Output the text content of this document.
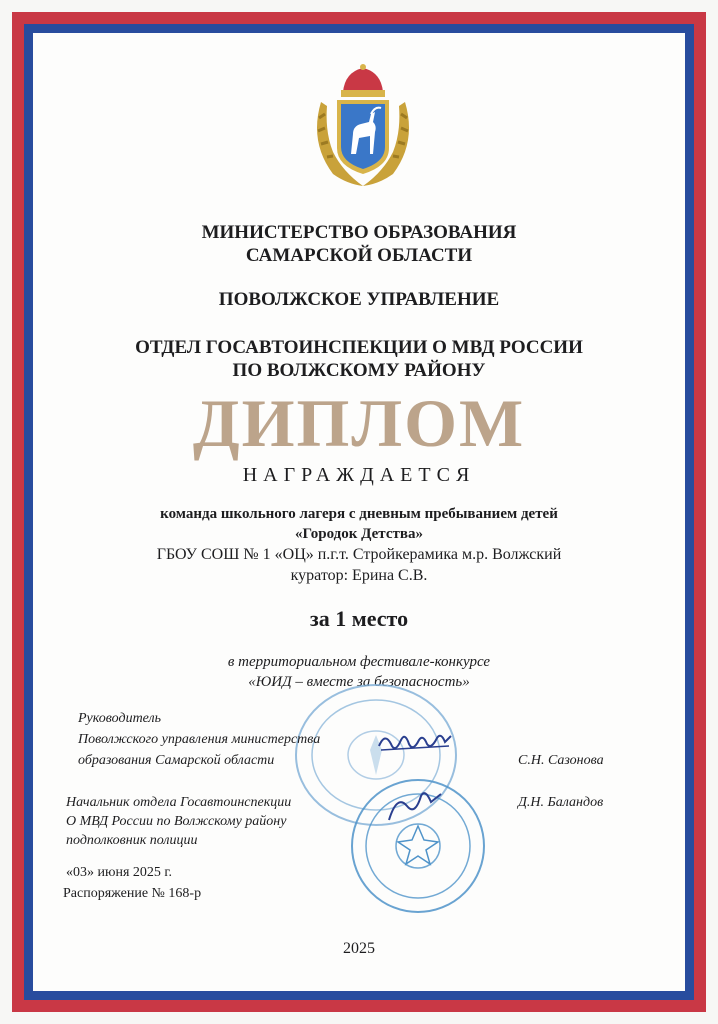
МИНИСТЕРСТВО ОБРАЗОВАНИЯ
САМАРСКОЙ ОБЛАСТИ
ПОВОЛЖСКОЕ УПРАВЛЕНИЕ
ОТДЕЛ ГОСАВТОИНСПЕКЦИИ О МВД РОССИИ
ПО ВОЛЖСКОМУ РАЙОНУ
ДИПЛОМ
НАГРАЖДАЕТСЯ
команда школьного лагеря с дневным пребыванием детей
«Городок Детства»
ГБОУ СОШ № 1 «ОЦ» п.г.т. Стройкерамика м.р. Волжский
куратор: Ерина С.В.
за 1 место
в территориальном фестивале-конкурсе
«ЮИД – вместе за безопасность»
Руководитель
Поволжского управления министерства
образования Самарской области	С.Н. Сазонова
Начальник отдела Госавтоинспекции
О МВД России по Волжскому району
подполковник полиции
Д.Н. Баландов
«03» июня 2025 г.
Распоряжение № 168-р
2025
